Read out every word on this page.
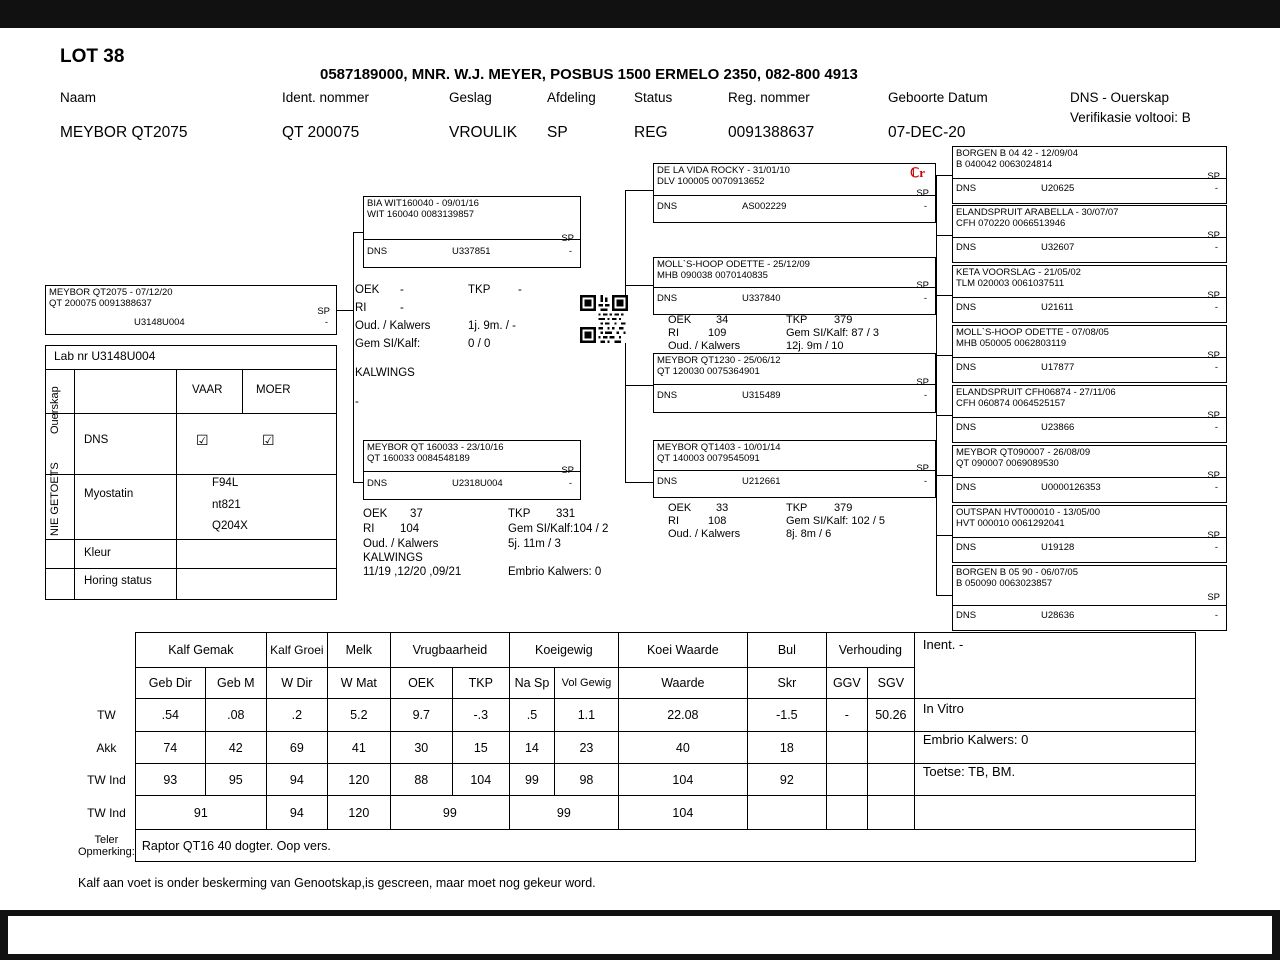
LOT 38
0587189000, MNR. W.J. MEYER, POSBUS 1500 ERMELO 2350, 082-800 4913
Naam	Ident. nommer	Geslag	Afdeling	Status	Reg. nommer	Geboorte Datum	DNS - Ouerskap
Verifikasie voltooi: B
MEYBOR QT2075	QT 200075	VROULIK SP	REG	0091388637	07-DEC-20
MEYBOR QT2075 - 07/12/20
QT 200075 0091388637
SP
-
U3148U004
Lab nr U3148U004
VAAR	MOER
Ouerskap
NIE GETOETS
DNS	☑	☑
Myostatin
F94L
nt821
Q204X
Kleur
Horing status
BIA WIT160040 - 09/01/16
WIT 160040 0083139857
SP
-
DNS	U337851
OEK -	TKP -
RI	-
Oud. / Kalwers	1j. 9m. / -
Gem SI/Kalf:	0 / 0
KALWINGS
-
MEYBOR QT 160033 - 23/10/16
QT 160033 0084548189
SP
-
DNS	U2318U004
OEK 37	TKP 331
RI 104	Gem SI/Kalf:104 / 2
Oud. / Kalwers	5j. 11m / 3
KALWINGS
11/19 ,12/20 ,09/21	Embrio Kalwers: 0
DE LA VIDA ROCKY - 31/01/10
DLV 100005 0070913652
ℂr
SP
-
DNS	AS002229
MOLL`S-HOOP ODETTE - 25/12/09
MHB 090038 0070140835
SP
-
DNS	U337840
OEK 34	TKP 379
RI	109	Gem SI/Kalf: 87 / 3
Oud. / Kalwers	12j. 9m / 10
MEYBOR QT1230 - 25/06/12
QT 120030 0075364901
SP
-
DNS	U315489
MEYBOR QT1403 - 10/01/14
QT 140003 0079545091
SP
-
DNS	U212661
OEK 33	TKP 379
RI	108	Gem SI/Kalf: 102 / 5
Oud. / Kalwers	8j. 8m / 6
BORGEN B 04 42 - 12/09/04
B 040042 0063024814
SP
-
DNS	U20625
ELANDSPRUIT ARABELLA - 30/07/07
CFH 070220 0066513946
SP
-
DNS	U32607
KETA VOORSLAG - 21/05/02
TLM 020003 0061037511
SP
-
DNS	U21611
MOLL`S-HOOP ODETTE - 07/08/05
MHB 050005 0062803119
SP
-
DNS	U17877
ELANDSPRUIT CFH06874 - 27/11/06
CFH 060874 0064525157
SP
-
DNS	U23866
MEYBOR QT090007 - 26/08/09
QT 090007 0069089530
SP
-
DNS	U0000126353
OUTSPAN HVT000010 - 13/05/00
HVT 000010 0061292041
SP
-
DNS	U19128
BORGEN B 05 90 - 06/07/05
B 050090 0063023857
SP
-
DNS	U28636
	Kalf Gemak		Kalf Groei	Melk	Vrugbaarheid		Koeigewig		Koei Waarde	Bul	Verhouding		Inent. -
	Geb Dir	Geb M	W Dir	W Mat	OEK	TKP	Na Sp	Vol Gewig	Waarde	Skr	GGV	SGV	
TW	.54	.08	.2	5.2	9.7	-.3	.5	1.1	22.08	-1.5	-	50.26	In Vitro
Akk	74	42	69	41	30	15	14	23	40	18			Embrio Kalwers: 0
TW Ind	93	95	94	120	88	104	99	98	104	92			Toetse: TB, BM.
TW Ind	91		94	120	99		99		104				
Teler Opmerking:	Raptor QT16 40 dogter. Oop vers.												
Kalf aan voet is onder beskerming van Genootskap,is gescreen, maar moet nog gekeur word.
